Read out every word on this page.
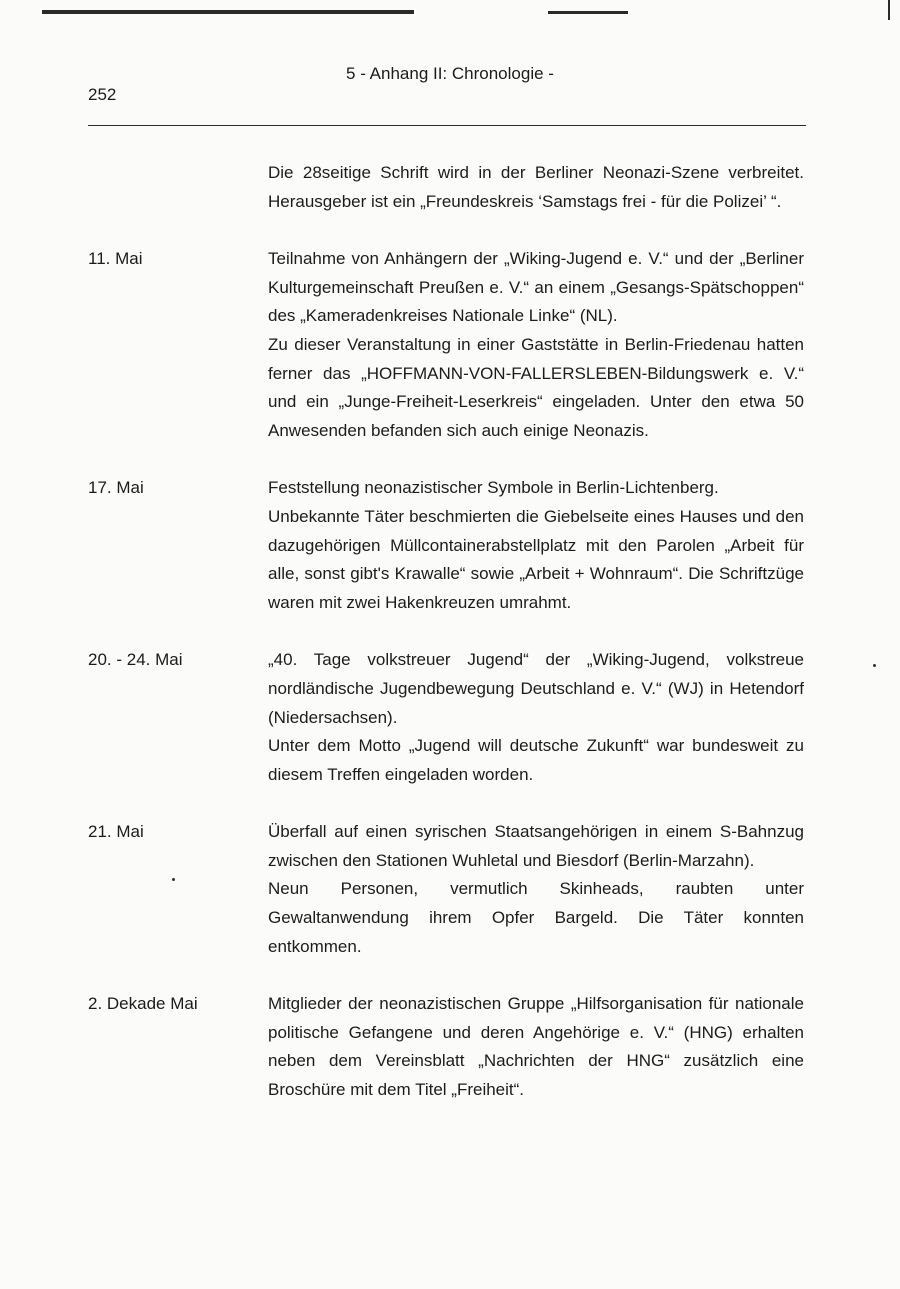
5 - Anhang II: Chronologie -
252

Die 28seitige Schrift wird in der Berliner Neonazi-Szene verbreitet. Herausgeber ist ein „Freundeskreis ‘Samstags frei - für die Polizei’ “.

11. Mai	Teilnahme von Anhängern der „Wiking-Jugend e. V.“ und der „Berliner Kulturgemeinschaft Preußen e. V.“ an einem „Gesangs-Spätschoppen“ des „Kameradenkreises Nationale Linke“ (NL).

Zu dieser Veranstaltung in einer Gaststätte in Berlin-Friedenau hatten ferner das „HOFFMANN-VON-FALLERSLEBEN-Bildungswerk e. V.“ und ein „Junge-Freiheit-Leserkreis“ eingeladen. Unter den etwa 50 Anwesenden befanden sich auch einige Neonazis.

17. Mai	Feststellung neonazistischer Symbole in Berlin-Lichtenberg.

Unbekannte Täter beschmierten die Giebelseite eines Hauses und den dazugehörigen Müllcontainerabstellplatz mit den Parolen „Arbeit für alle, sonst gibt's Krawalle“ sowie „Arbeit + Wohnraum“. Die Schriftzüge waren mit zwei Hakenkreuzen umrahmt.

20. - 24. Mai	„40. Tage volkstreuer Jugend“ der „Wiking-Jugend, volkstreue nordländische Jugendbewegung Deutschland e. V.“ (WJ) in Hetendorf (Niedersachsen).

Unter dem Motto „Jugend will deutsche Zukunft“ war bundesweit zu diesem Treffen eingeladen worden.

21. Mai	Überfall auf einen syrischen Staatsangehörigen in einem S-Bahnzug zwischen den Stationen Wuhletal und Biesdorf (Berlin-Marzahn).

Neun Personen, vermutlich Skinheads, raubten unter Gewaltanwendung ihrem Opfer Bargeld. Die Täter konnten entkommen.

2. Dekade Mai	Mitglieder der neonazistischen Gruppe „Hilfsorganisation für nationale politische Gefangene und deren Angehörige e. V.“ (HNG) erhalten neben dem Vereinsblatt „Nachrichten der HNG“ zusätzlich eine Broschüre mit dem Titel „Freiheit“.
